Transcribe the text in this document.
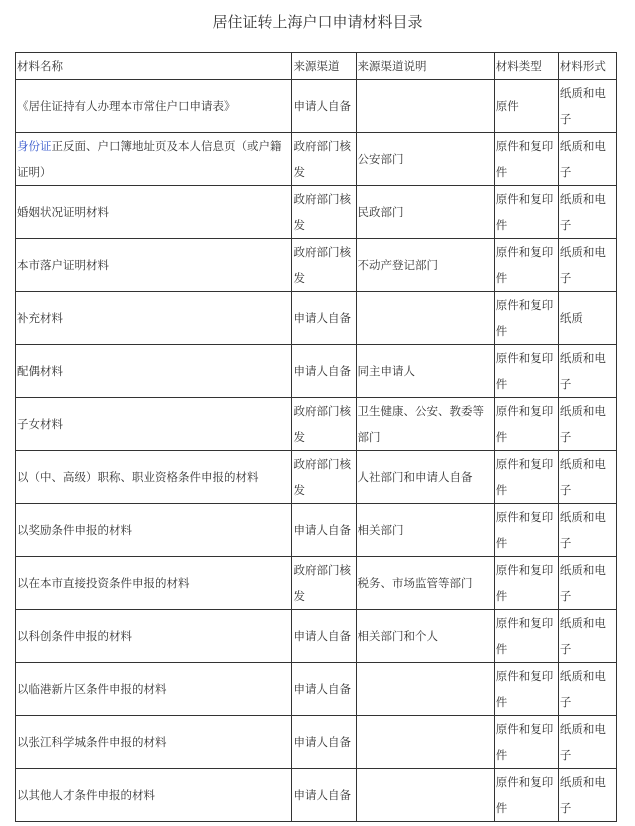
居住证转上海户口申请材料目录
材料名称	来源渠道	来源渠道说明	材料类型	材料形式
《居住证持有人办理本市常住户口申请表》	申请人自备		原件	纸质和电子
身份证正反面、户口簿地址页及本人信息页（或户籍证明）	政府部门核发	公安部门	原件和复印件	纸质和电子
婚姻状况证明材料	政府部门核发	民政部门	原件和复印件	纸质和电子
本市落户证明材料	政府部门核发	不动产登记部门	原件和复印件	纸质和电子
补充材料	申请人自备		原件和复印件	纸质
配偶材料	申请人自备	同主申请人	原件和复印件	纸质和电子
子女材料	政府部门核发	卫生健康、公安、教委等部门	原件和复印件	纸质和电子
以（中、高级）职称、职业资格条件申报的材料	政府部门核发	人社部门和申请人自备	原件和复印件	纸质和电子
以奖励条件申报的材料	申请人自备	相关部门	原件和复印件	纸质和电子
以在本市直接投资条件申报的材料	政府部门核发	税务、市场监管等部门	原件和复印件	纸质和电子
以科创条件申报的材料	申请人自备	相关部门和个人	原件和复印件	纸质和电子
以临港新片区条件申报的材料	申请人自备		原件和复印件	纸质和电子
以张江科学城条件申报的材料	申请人自备		原件和复印件	纸质和电子
以其他人才条件申报的材料	申请人自备		原件和复印件	纸质和电子
